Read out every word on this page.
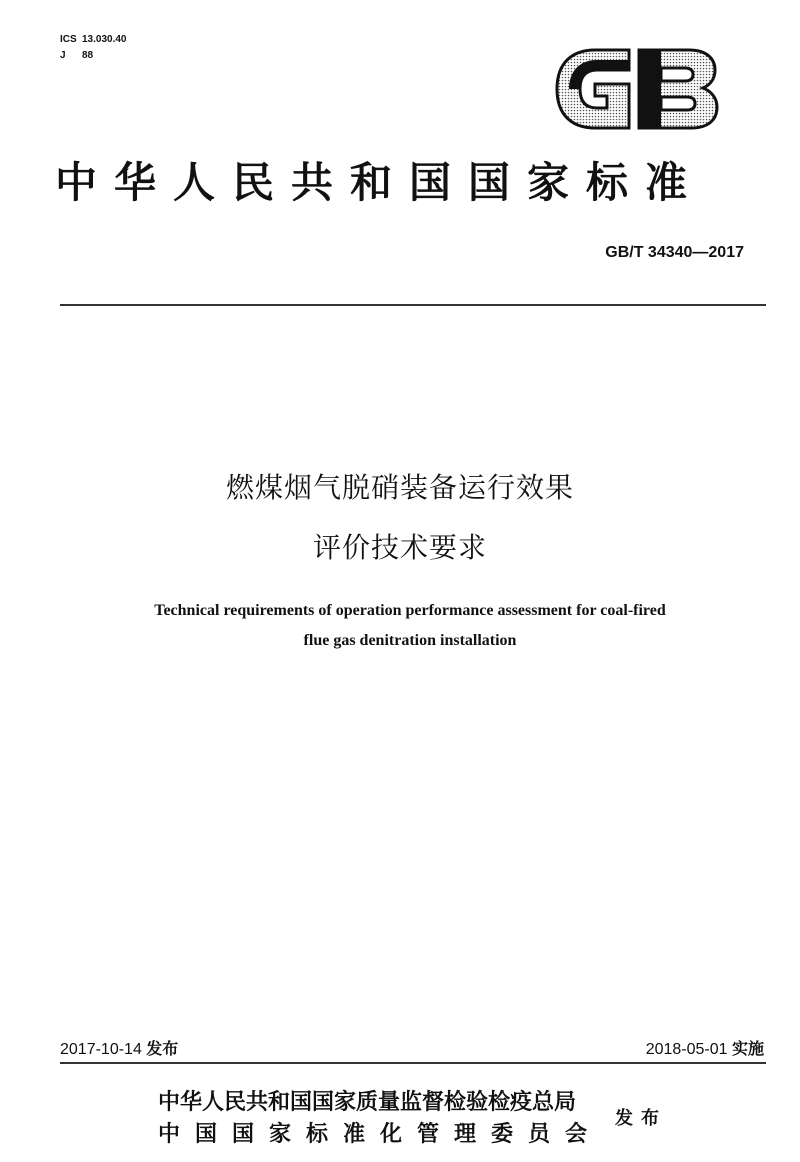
ICS 13.030.40
J 88
GB
中华人民共和国国家标准
GB/T 34340—2017
燃煤烟气脱硝装备运行效果
评价技术要求
Technical requirements of operation performance assessment for coal-fired
flue gas denitration installation
2017-10-14 发布	2018-05-01 实施
中华人民共和国国家质量监督检验检疫总局
中国国家标准化管理委员会
发布
